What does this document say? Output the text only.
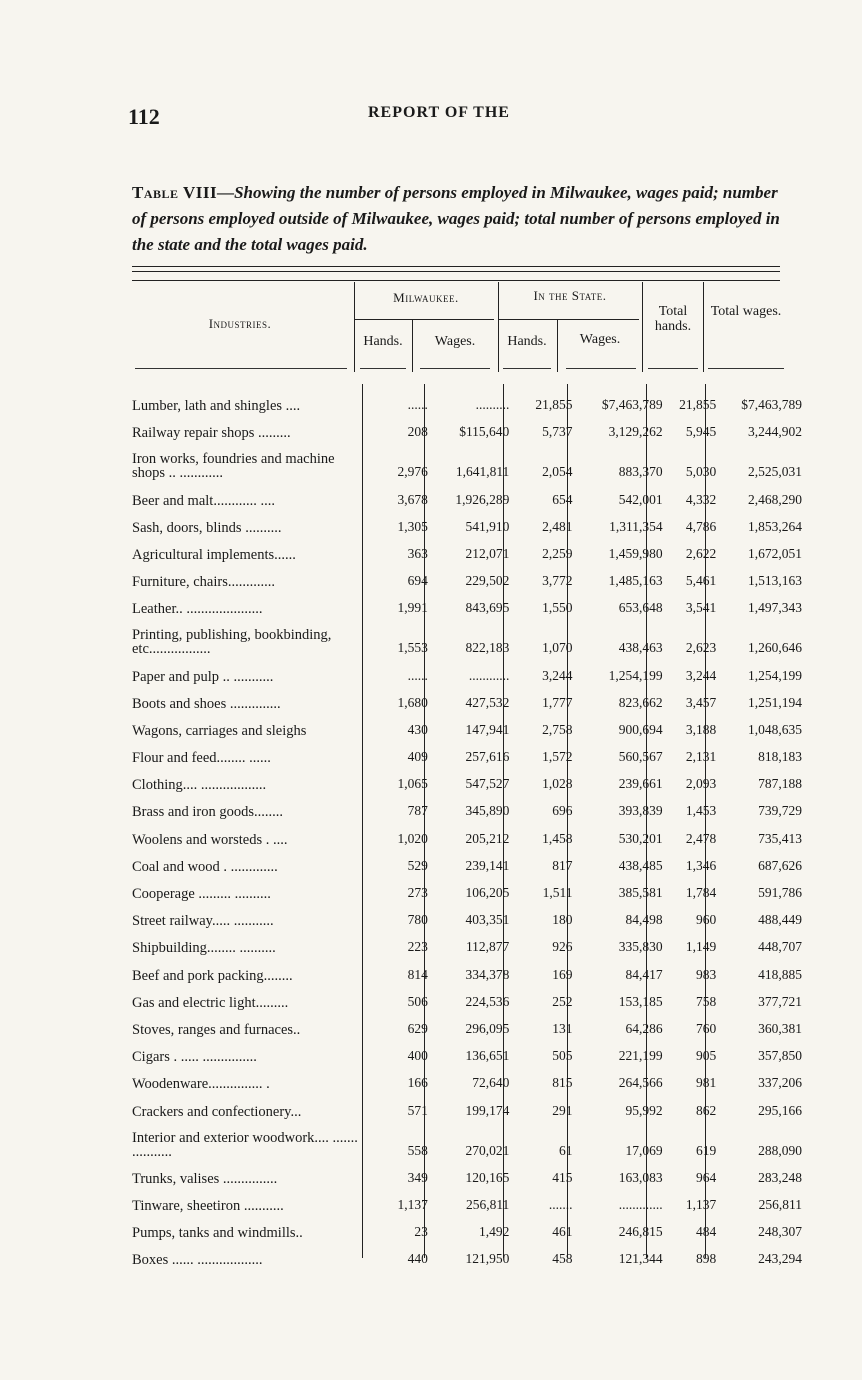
112	REPORT OF THE
Table VIII—Showing the number of persons employed in Milwaukee, wages paid; number of persons employed outside of Milwaukee, wages paid; total number of persons employed in the state and the total wages paid.
Industries.
Milwaukee.	In the State.
Total hands.
Total wages.
Hands.	Wages.	Hands.	Wages.
Lumber, lath and shingles ....	......	..........	21,855	$7,463,789	21,855	$7,463,789
Railway repair shops .........	208	$115,640	5,737	3,129,262	5,945	3,244,902
Iron works, foundries and machine shops .. ............	2,976	1,641,811	2,054	883,370	5,030	2,525,031
Beer and malt............ ....	3,678	1,926,289	654	542,001	4,332	2,468,290
Sash, doors, blinds ..........	1,305	541,910	2,481	1,311,354	4,786	1,853,264
Agricultural implements......	363	212,071	2,259	1,459,980	2,622	1,672,051
Furniture, chairs.............	694	229,502	3,772	1,485,163	5,461	1,513,163
Leather.. .....................	1,991	843,695	1,550	653,648	3,541	1,497,343
Printing, publishing, bookbinding, etc.................	1,553	822,183	1,070	438,463	2,623	1,260,646
Paper and pulp .. ...........	......	............	3,244	1,254,199	3,244	1,254,199
Boots and shoes ..............	1,680	427,532	1,777	823,662	3,457	1,251,194
Wagons, carriages and sleighs	430	147,941	2,758	900,694	3,188	1,048,635
Flour and feed........ ......	409	257,616	1,572	560,567	2,131	818,183
Clothing.... ..................	1,065	547,527	1,028	239,661	2,093	787,188
Brass and iron goods........	787	345,890	696	393,839	1,453	739,729
Woolens and worsteds . ....	1,020	205,212	1,458	530,201	2,478	735,413
Coal and wood . .............	529	239,141	817	438,485	1,346	687,626
Cooperage ......... ..........	273	106,205	1,511	385,581	1,784	591,786
Street railway..... ...........	780	403,351	180	84,498	960	488,449
Shipbuilding........ ..........	223	112,877	926	335,830	1,149	448,707
Beef and pork packing........	814	334,378	169	84,417	983	418,885
Gas and electric light.........	506	224,536	252	153,185	758	377,721
Stoves, ranges and furnaces..	629	296,095	131	64,286	760	360,381
Cigars . ..... ...............	400	136,651	505	221,199	905	357,850
Woodenware............... .	166	72,640	815	264,566	981	337,206
Crackers and confectionery...	571	199,174	291	95,992	862	295,166
Interior and exterior woodwork.... ....... ...........	558	270,021	61	17,069	619	288,090
Trunks, valises ...............	349	120,165	415	163,083	964	283,248
Tinware, sheetiron ...........	1,137	256,811	.......	.............	1,137	256,811
Pumps, tanks and windmills..	23	1,492	461	246,815	484	248,307
Boxes ...... ..................	440	121,950	458	121,344	898	243,294
